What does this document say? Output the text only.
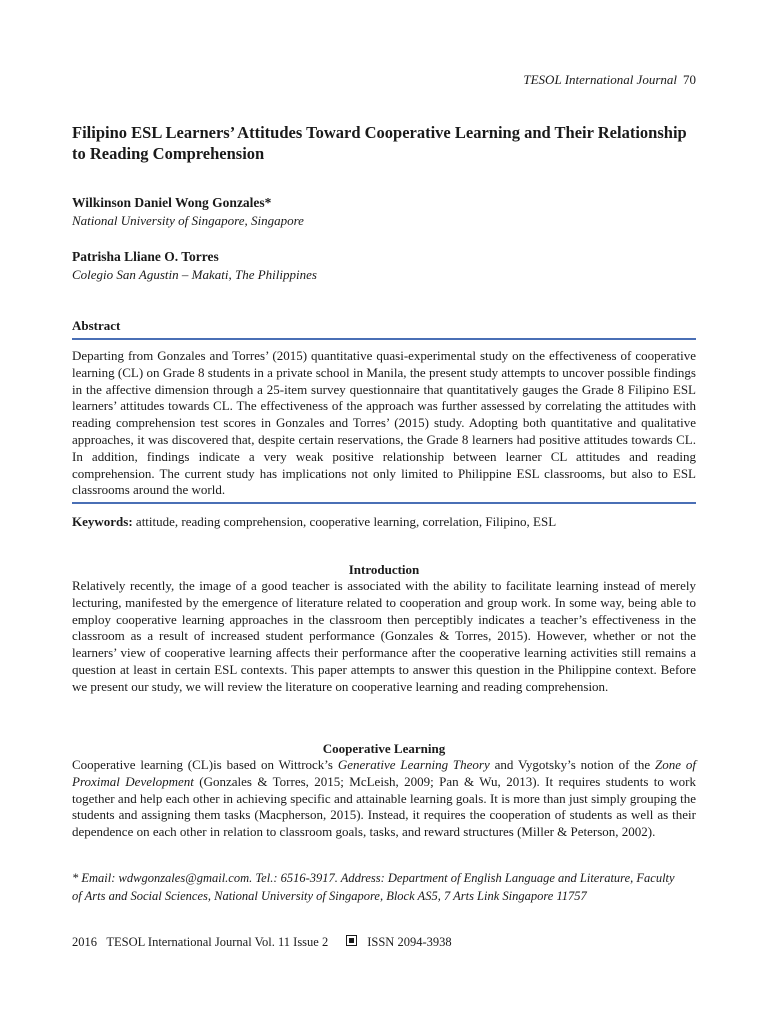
TESOL International Journal 70
Filipino ESL Learners’ Attitudes Toward Cooperative Learning and Their Relationship to Reading Comprehension
Wilkinson Daniel Wong Gonzales*
National University of Singapore, Singapore
Patrisha Lliane O. Torres
Colegio San Agustin – Makati, The Philippines
Abstract

Departing from Gonzales and Torres’ (2015) quantitative quasi-experimental study on the effectiveness of cooperative learning (CL) on Grade 8 students in a private school in Manila, the present study attempts to uncover possible findings in the affective dimension through a 25-item survey questionnaire that quantitatively gauges the Grade 8 Filipino ESL learners’ attitudes towards CL. The effectiveness of the approach was further assessed by correlating the attitudes with reading comprehension test scores in Gonzales and Torres’ (2015) study. Adopting both quantitative and qualitative approaches, it was discovered that, despite certain reservations, the Grade 8 learners had positive attitudes towards CL. In addition, findings indicate a very weak positive relationship between learner CL attitudes and reading comprehension. The current study has implications not only limited to Philippine ESL classrooms, but also to ESL classrooms around the world.

Keywords: attitude, reading comprehension, cooperative learning, correlation, Filipino, ESL
Introduction

Relatively recently, the image of a good teacher is associated with the ability to facilitate learning instead of merely lecturing, manifested by the emergence of literature related to cooperation and group work. In some way, being able to employ cooperative learning approaches in the classroom then perceptibly indicates a teacher’s effectiveness in the classroom as a result of increased student performance (Gonzales & Torres, 2015). However, whether or not the learners’ view of cooperative learning affects their performance after the cooperative learning activities still remains a question at least in certain ESL contexts. This paper attempts to answer this question in the Philippine context. Before we present our study, we will review the literature on cooperative learning and reading comprehension.

Cooperative Learning

Cooperative learning (CL)is based on Wittrock’s Generative Learning Theory and Vygotsky’s notion of the Zone of Proximal Development (Gonzales & Torres, 2015; McLeish, 2009; Pan & Wu, 2013). It requires students to work together and help each other in achieving specific and attainable learning goals. It is more than just simply grouping the students and assigning them tasks (Macpherson, 2015). Instead, it requires the cooperation of students as well as their dependence on each other in relation to classroom goals, tasks, and reward structures (Miller & Peterson, 2002).

* Email: wdwgonzales@gmail.com. Tel.: 6516-3917. Address: Department of English Language and Literature, Faculty
of Arts and Social Sciences, National University of Singapore, Block AS5, 7 Arts Link Singapore 11757
2016 TESOL International Journal Vol. 11 Issue 2	ISSN 2094-3938
